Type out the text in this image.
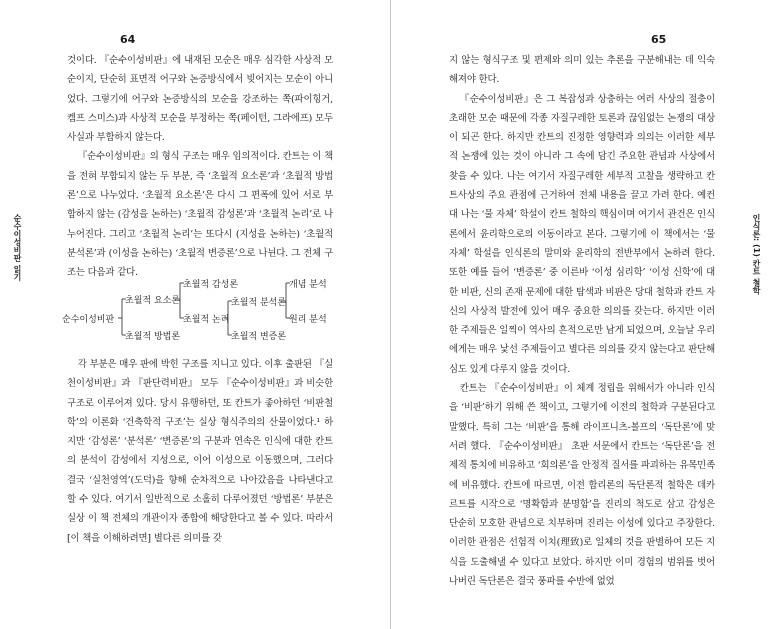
64
순수이성비판 읽기

것이다. 『순수이성비판』에 내재된 모순은 매우 심각한 사상적 모순이지, 단순히 표면적 어구와 논증방식에서 빚어지는 모순이 아니었다. 그렇기에 어구와 논증방식의 모순을 강조하는 쪽(파이힝거, 켐프 스미스)과 사상적 모순을 부정하는 쪽(페이턴, 그라에프) 모두 사실과 부합하지 않는다.

『순수이성비판』의 형식 구조는 매우 임의적이다. 칸트는 이 책을 전혀 부합되지 않는 두 부분, 즉 ‘초월적 요소론’과 ‘초월적 방법론’으로 나누었다. ‘초월적 요소론’은 다시 그 편폭에 있어 서로 부합하지 않는 (감성을 논하는) ‘초월적 감성론’과 ‘초월적 논리’로 나누어진다. 그리고 ‘초월적 논리’는 또다시 (지성을 논하는) ‘초월적 분석론’과 (이성을 논하는) ‘초월적 변증론’으로 나뉜다. 그 전체 구조는 다음과 같다.

순수이성비판
초월적 요소론
초월적 방법론
초월적 감성론
초월적 논리
초월적 분석론
초월적 변증론
개념 분석
원리 분석

각 부분은 매우 판에 박힌 구조를 지니고 있다. 이후 출판된 『실천이성비판』과 『판단력비판』 모두 『순수이성비판』과 비슷한 구조로 이루어져 있다. 당시 유행하던, 또 칸트가 좋아하던 ‘비판철학’의 이론화 ‘건축학적 구조’는 실상 형식주의의 산물이었다.¹ 하지만 ‘감성론’ ‘분석론’ ‘변증론’의 구분과 연속은 인식에 대한 칸트의 분석이 감성에서 지성으로, 이어 이성으로 이동했으며, 그러다 결국 ‘실천영역’(도덕)을 향해 순차적으로 나아갔음을 나타낸다고 할 수 있다. 여기서 일반적으로 소홀히 다루어졌던 ‘방법론’ 부분은 실상 이 책 전체의 개관이자 종합에 해당한다고 볼 수 있다. 따라서 [이 책을 이해하려면] 별다른 의미를 갖

65
인식론: (1) 칸트 철학

지 않는 형식구조 및 편제와 의미 있는 추론을 구분해내는 데 익숙해져야 한다.

『순수이성비판』은 그 복잡성과 상충하는 여러 사상의 절충이 초래한 모순 때문에 각종 자질구레한 토론과 끊임없는 논쟁의 대상이 되곤 한다. 하지만 칸트의 진정한 영향력과 의의는 이러한 세부적 논쟁에 있는 것이 아니라 그 속에 담긴 주요한 관념과 사상에서 찾을 수 있다. 나는 여기서 자질구레한 세부적 고찰을 생략하고 칸트사상의 주요 관점에 근거하여 전체 내용을 끌고 가려 한다. 예컨대 나는 ‘물 자체’ 학설이 칸트 철학의 핵심이며 여기서 관건은 인식론에서 윤리학으로의 이동이라고 본다. 그렇기에 이 책에서는 ‘물 자체’ 학설을 인식론의 말미와 윤리학의 전반부에서 논하려 한다. 또한 예를 들어 ‘변증론’ 중 이른바 ‘이성 심리학’ ‘이성 신학’에 대한 비판, 신의 존재 문제에 대한 탐색과 비판은 당대 철학과 칸트 자신의 사상적 발전에 있어 매우 중요한 의의를 갖는다. 하지만 이러한 주제들은 일찍이 역사의 흔적으로만 남게 되었으며, 오늘날 우리에게는 매우 낯선 주제들이고 별다른 의의를 갖지 않는다고 판단해 심도 있게 다루지 않을 것이다.

칸트는 『순수이성비판』이 체계 정립을 위해서가 아니라 인식을 ‘비판’하기 위해 쓴 책이고, 그렇기에 이전의 철학과 구분된다고 말했다. 특히 그는 ‘비판’을 통해 라이프니츠-볼프의 ‘독단론’에 맞서려 했다. 『순수이성비판』 초판 서문에서 칸트는 ‘독단론’을 전제적 통치에 비유하고 ‘회의론’을 안정적 질서를 파괴하는 유목민족에 비유했다. 칸트에 따르면, 이전 합리론의 독단론적 철학은 데카르트를 시작으로 ‘명확함과 분명함’을 진리의 척도로 삼고 감성은 단순히 모호한 관념으로 치부하며 진리는 이성에 있다고 주장한다. 이러한 관점은 선험적 이치(理致)로 일체의 것을 판별하여 모든 지식을 도출해낼 수 있다고 보았다. 하지만 이미 경험의 범위를 벗어나버린 독단론은 결국 풍파를 수반에 없었
